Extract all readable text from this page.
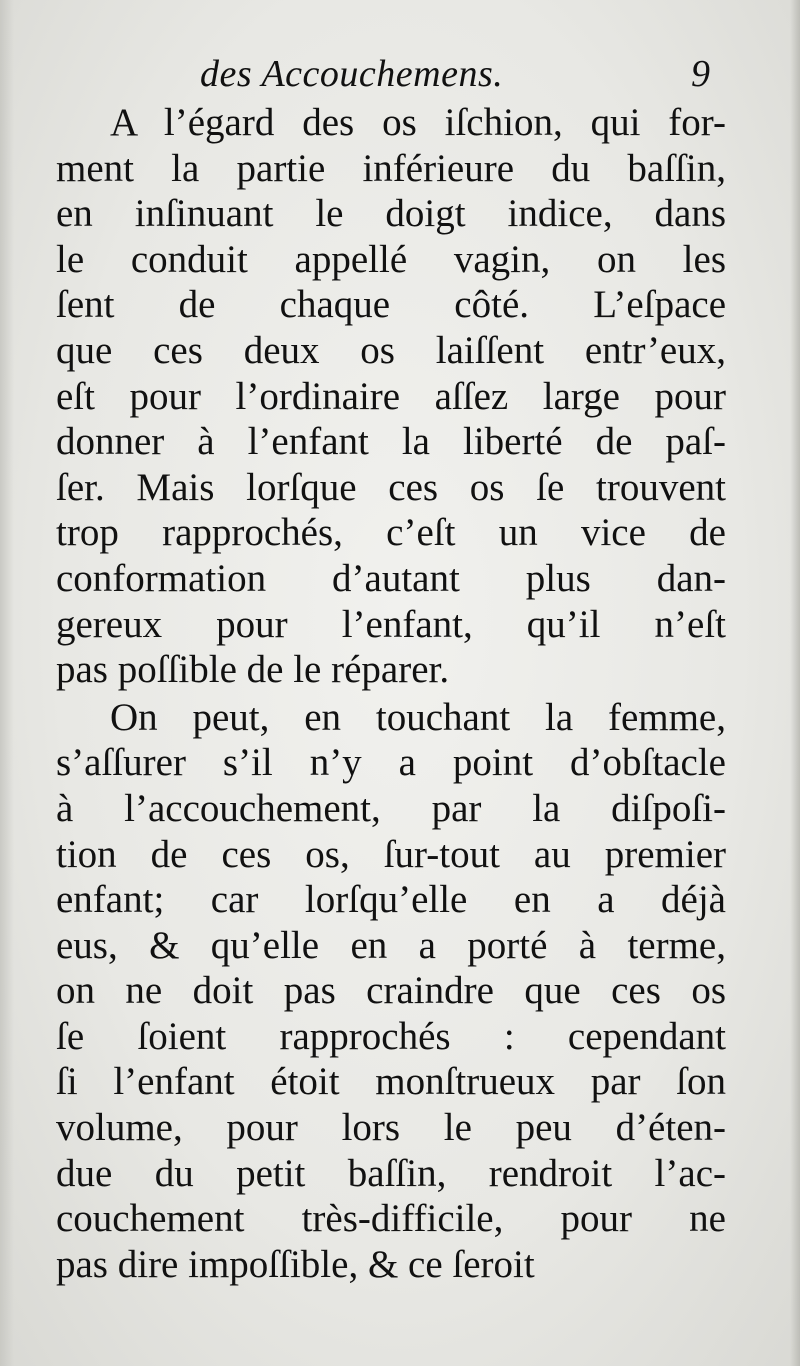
des Accouchemens.	9
A l’égard des os iſchion, qui for-
ment la partie inférieure du baſſin,
en inſinuant le doigt indice, dans
le conduit appellé vagin, on les
ſent de chaque côté. L’eſpace
que ces deux os laiſſent entr’eux,
eſt pour l’ordinaire aſſez large pour
donner à l’enfant la liberté de paſ-
ſer. Mais lorſque ces os ſe trouvent
trop rapprochés, c’eſt un vice de
conformation d’autant plus dan-
gereux pour l’enfant, qu’il n’eſt
pas poſſible de le réparer.
On peut, en touchant la femme,
s’aſſurer s’il n’y a point d’obſtacle
à l’accouchement, par la diſpoſi-
tion de ces os, ſur-tout au premier
enfant; car lorſqu’elle en a déjà
eus, & qu’elle en a porté à terme,
on ne doit pas craindre que ces os
ſe ſoient rapprochés : cependant
ſi l’enfant étoit monſtrueux par ſon
volume, pour lors le peu d’éten-
due du petit baſſin, rendroit l’ac-
couchement très-difficile, pour ne
pas dire impoſſible, & ce ſeroit
